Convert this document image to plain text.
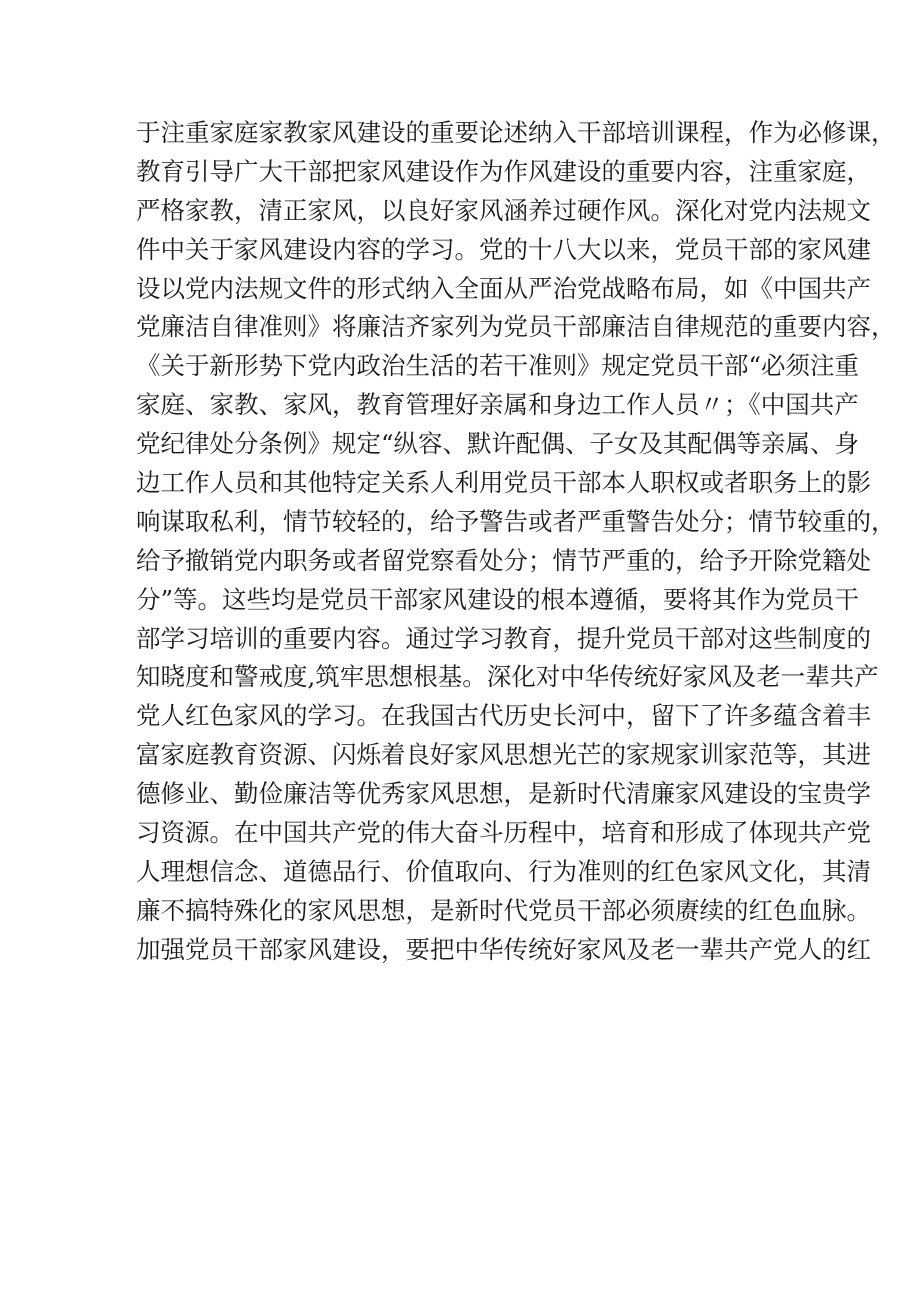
于注重家庭家教家风建设的重要论述纳入干部培训课程，作为必修课，
教育引导广大干部把家风建设作为作风建设的重要内容，注重家庭，
严格家教，清正家风，以良好家风涵养过硬作风。深化对党内法规文
件中关于家风建设内容的学习。党的十八大以来，党员干部的家风建
设以党内法规文件的形式纳入全面从严治党战略布局，如《中国共产
党廉洁自律准则》将廉洁齐家列为党员干部廉洁自律规范的重要内容，
《关于新形势下党内政治生活的若干准则》规定党员干部“必须注重
家庭、家教、家风，教育管理好亲属和身边工作人员〃；《中国共产
党纪律处分条例》规定“纵容、默许配偶、子女及其配偶等亲属、身
边工作人员和其他特定关系人利用党员干部本人职权或者职务上的影
响谋取私利，情节较轻的，给予警告或者严重警告处分；情节较重的，
给予撤销党内职务或者留党察看处分；情节严重的，给予开除党籍处
分”等。这些均是党员干部家风建设的根本遵循，要将其作为党员干
部学习培训的重要内容。通过学习教育，提升党员干部对这些制度的
知晓度和警戒度,筑牢思想根基。深化对中华传统好家风及老一辈共产
党人红色家风的学习。在我国古代历史长河中，留下了许多蕴含着丰
富家庭教育资源、闪烁着良好家风思想光芒的家规家训家范等，其进
德修业、勤俭廉洁等优秀家风思想，是新时代清廉家风建设的宝贵学
习资源。在中国共产党的伟大奋斗历程中，培育和形成了体现共产党
人理想信念、道德品行、价值取向、行为准则的红色家风文化，其清
廉不搞特殊化的家风思想，是新时代党员干部必须赓续的红色血脉。
加强党员干部家风建设，要把中华传统好家风及老一辈共产党人的红
